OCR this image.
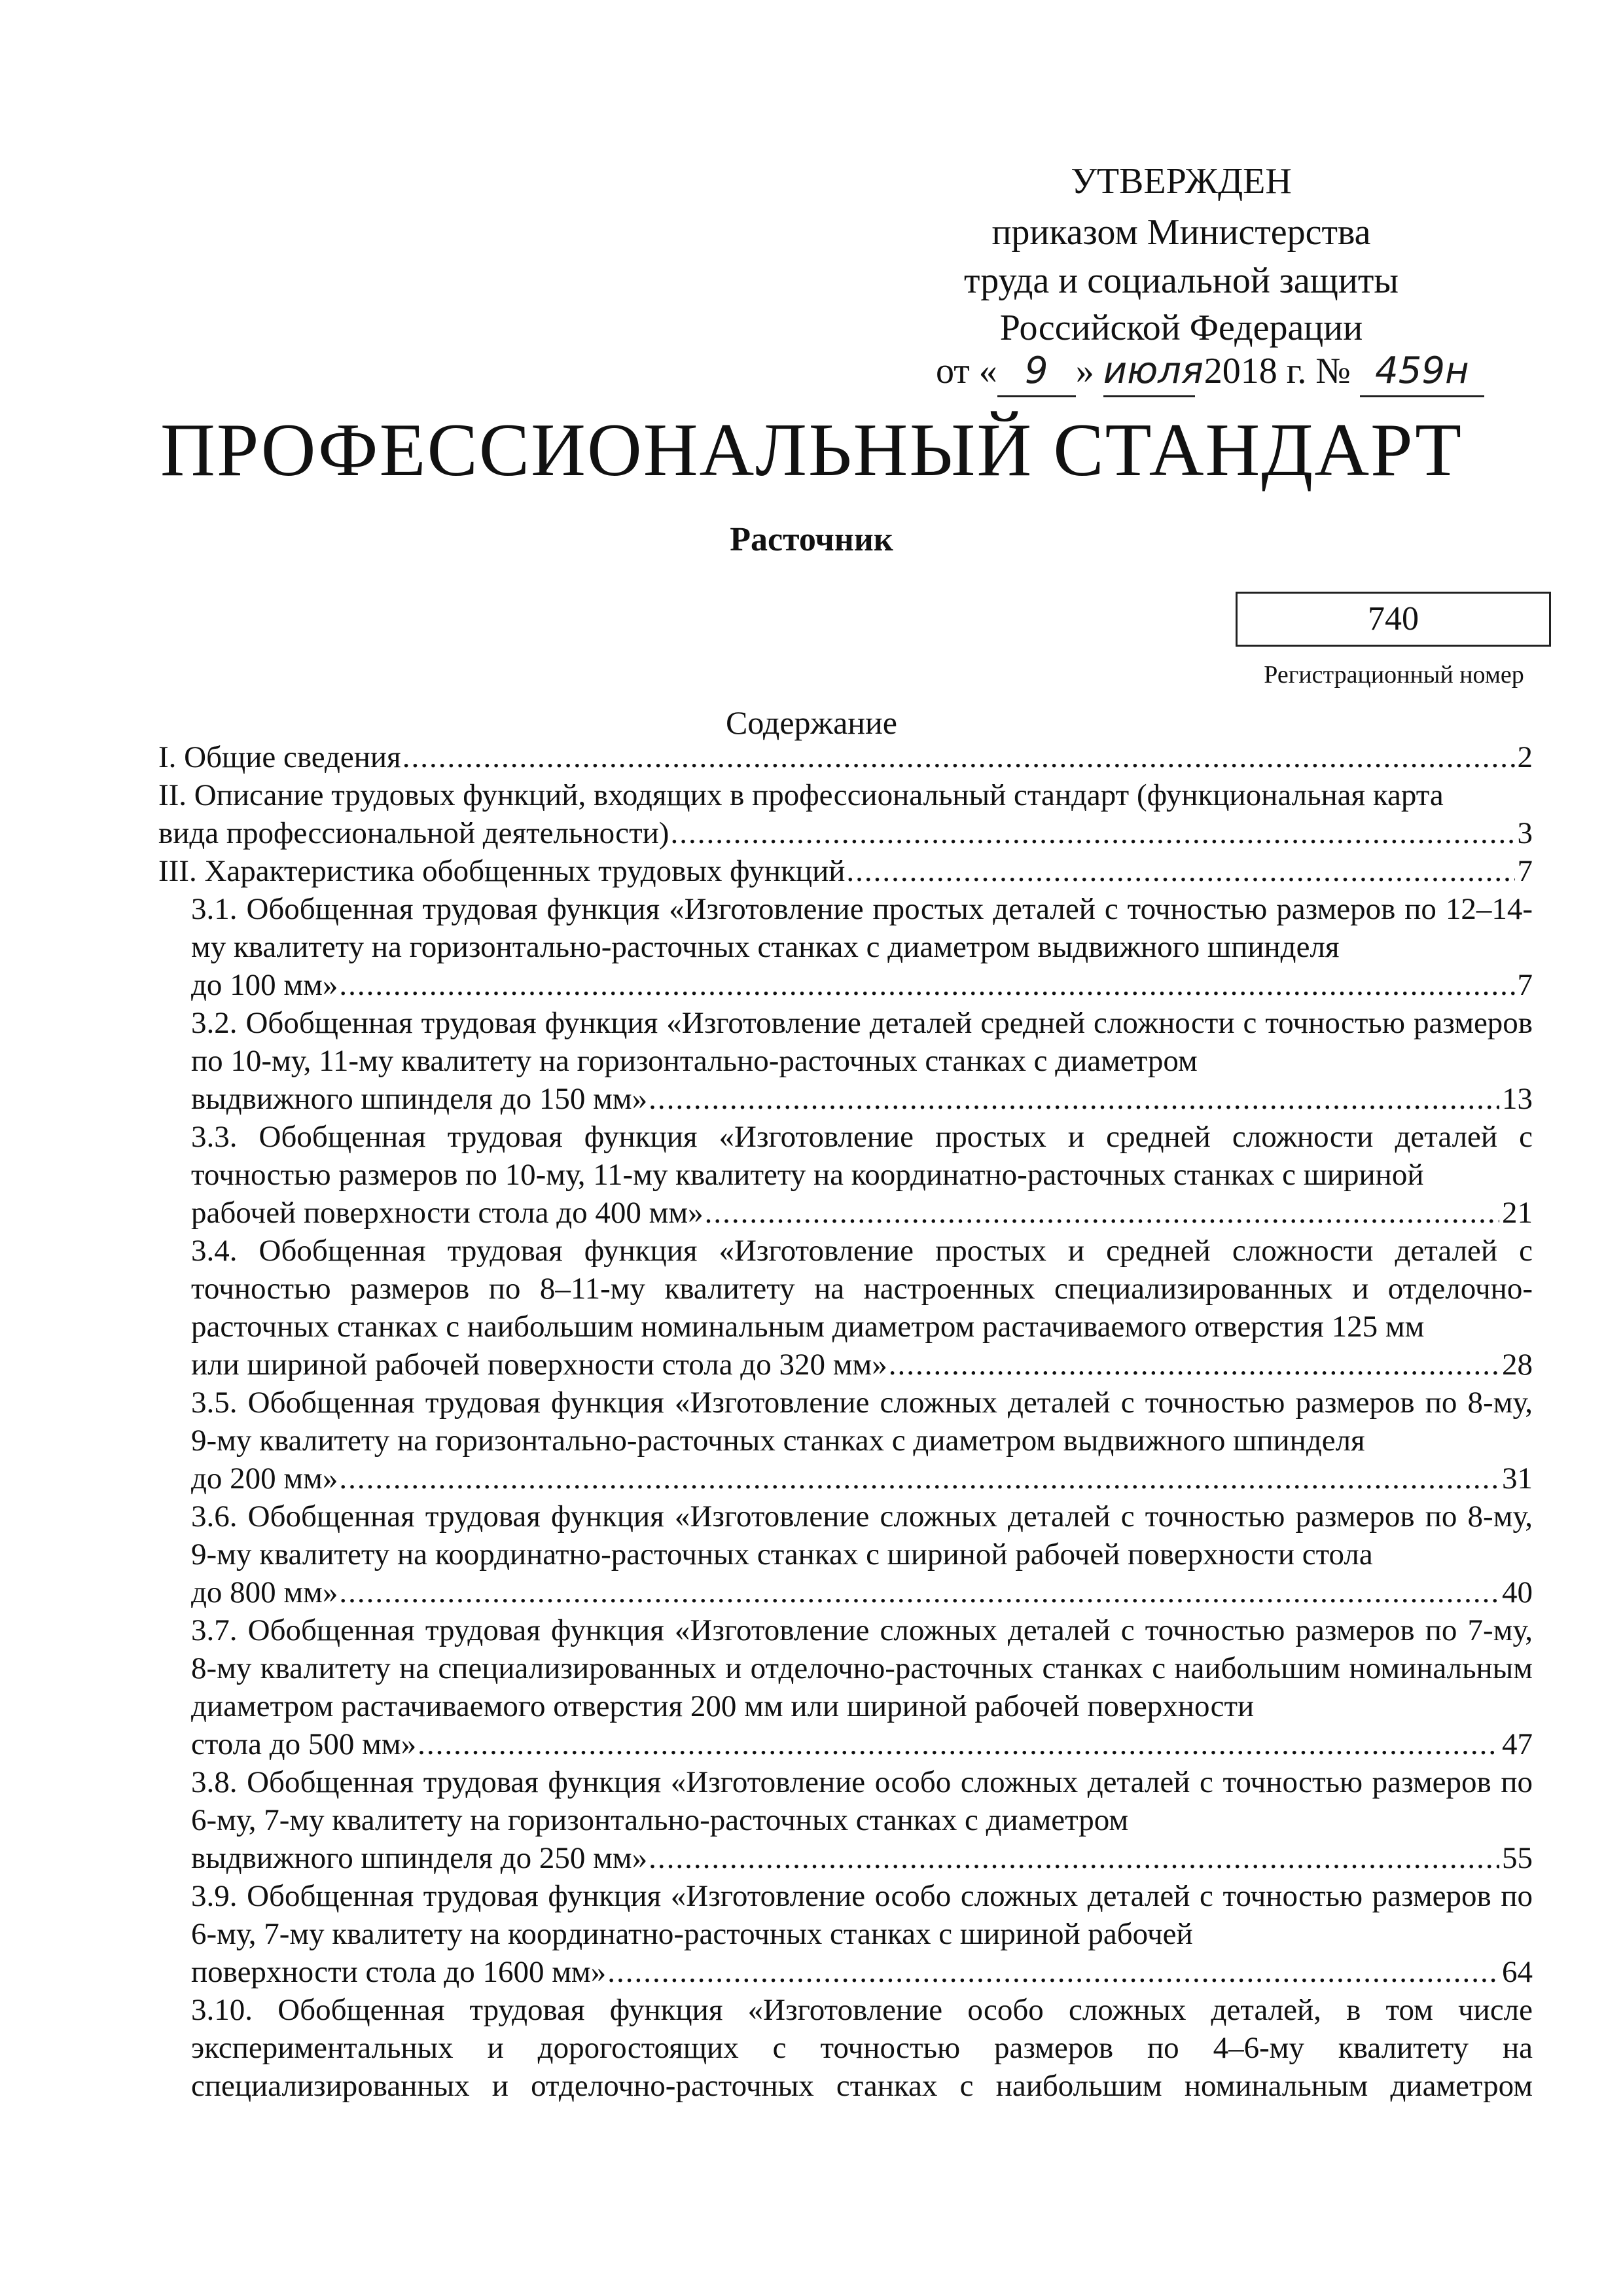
УТВЕРЖДЕН
приказом Министерства
труда и социальной защиты
Российской Федерации
от « 9 » июля 2018 г. № 459н
ПРОФЕССИОНАЛЬНЫЙ СТАНДАРТ
Расточник
740
Регистрационный номер
Содержание
I. Общие сведения .....	2
II. Описание трудовых функций, входящих в профессиональный стандарт (функциональная карта
вида профессиональной деятельности) .....	3
III. Характеристика обобщенных трудовых функций .....	7
3.1. Обобщенная трудовая функция «Изготовление простых деталей с точностью размеров по 12–14-му квалитету на горизонтально-расточных станках с диаметром выдвижного шпинделя
до 100 мм» .....	7
3.2. Обобщенная трудовая функция «Изготовление деталей средней сложности с точностью размеров по 10-му, 11-му квалитету на горизонтально-расточных станках с диаметром
выдвижного шпинделя до 150 мм» .....	13
3.3. Обобщенная трудовая функция «Изготовление простых и средней сложности деталей с точностью размеров по 10-му, 11-му квалитету на координатно-расточных станках с шириной
рабочей поверхности стола до 400 мм» .....	21
3.4. Обобщенная трудовая функция «Изготовление простых и средней сложности деталей с точностью размеров по 8–11-му квалитету на настроенных специализированных и отделочно-расточных станках с наибольшим номинальным диаметром растачиваемого отверстия 125 мм
или шириной рабочей поверхности стола до 320 мм» .....	28
3.5. Обобщенная трудовая функция «Изготовление сложных деталей с точностью размеров по 8-му, 9-му квалитету на горизонтально-расточных станках с диаметром выдвижного шпинделя
до 200 мм» .....	31
3.6. Обобщенная трудовая функция «Изготовление сложных деталей с точностью размеров по 8-му, 9-му квалитету на координатно-расточных станках с шириной рабочей поверхности стола
до 800 мм» .....	40
3.7. Обобщенная трудовая функция «Изготовление сложных деталей с точностью размеров по 7-му, 8-му квалитету на специализированных и отделочно-расточных станках с наибольшим номинальным диаметром растачиваемого отверстия 200 мм или шириной рабочей поверхности
стола до 500 мм» .....	47
3.8. Обобщенная трудовая функция «Изготовление особо сложных деталей с точностью размеров по 6-му, 7-му квалитету на горизонтально-расточных станках с диаметром
выдвижного шпинделя до 250 мм» .....	55
3.9. Обобщенная трудовая функция «Изготовление особо сложных деталей с точностью размеров по 6-му, 7-му квалитету на координатно-расточных станках с шириной рабочей
поверхности стола до 1600 мм» .....	64
3.10. Обобщенная трудовая функция «Изготовление особо сложных деталей, в том числе экспериментальных и дорогостоящих с точностью размеров по 4–6-му квалитету на специализированных и отделочно-расточных станках с наибольшим номинальным диаметром
